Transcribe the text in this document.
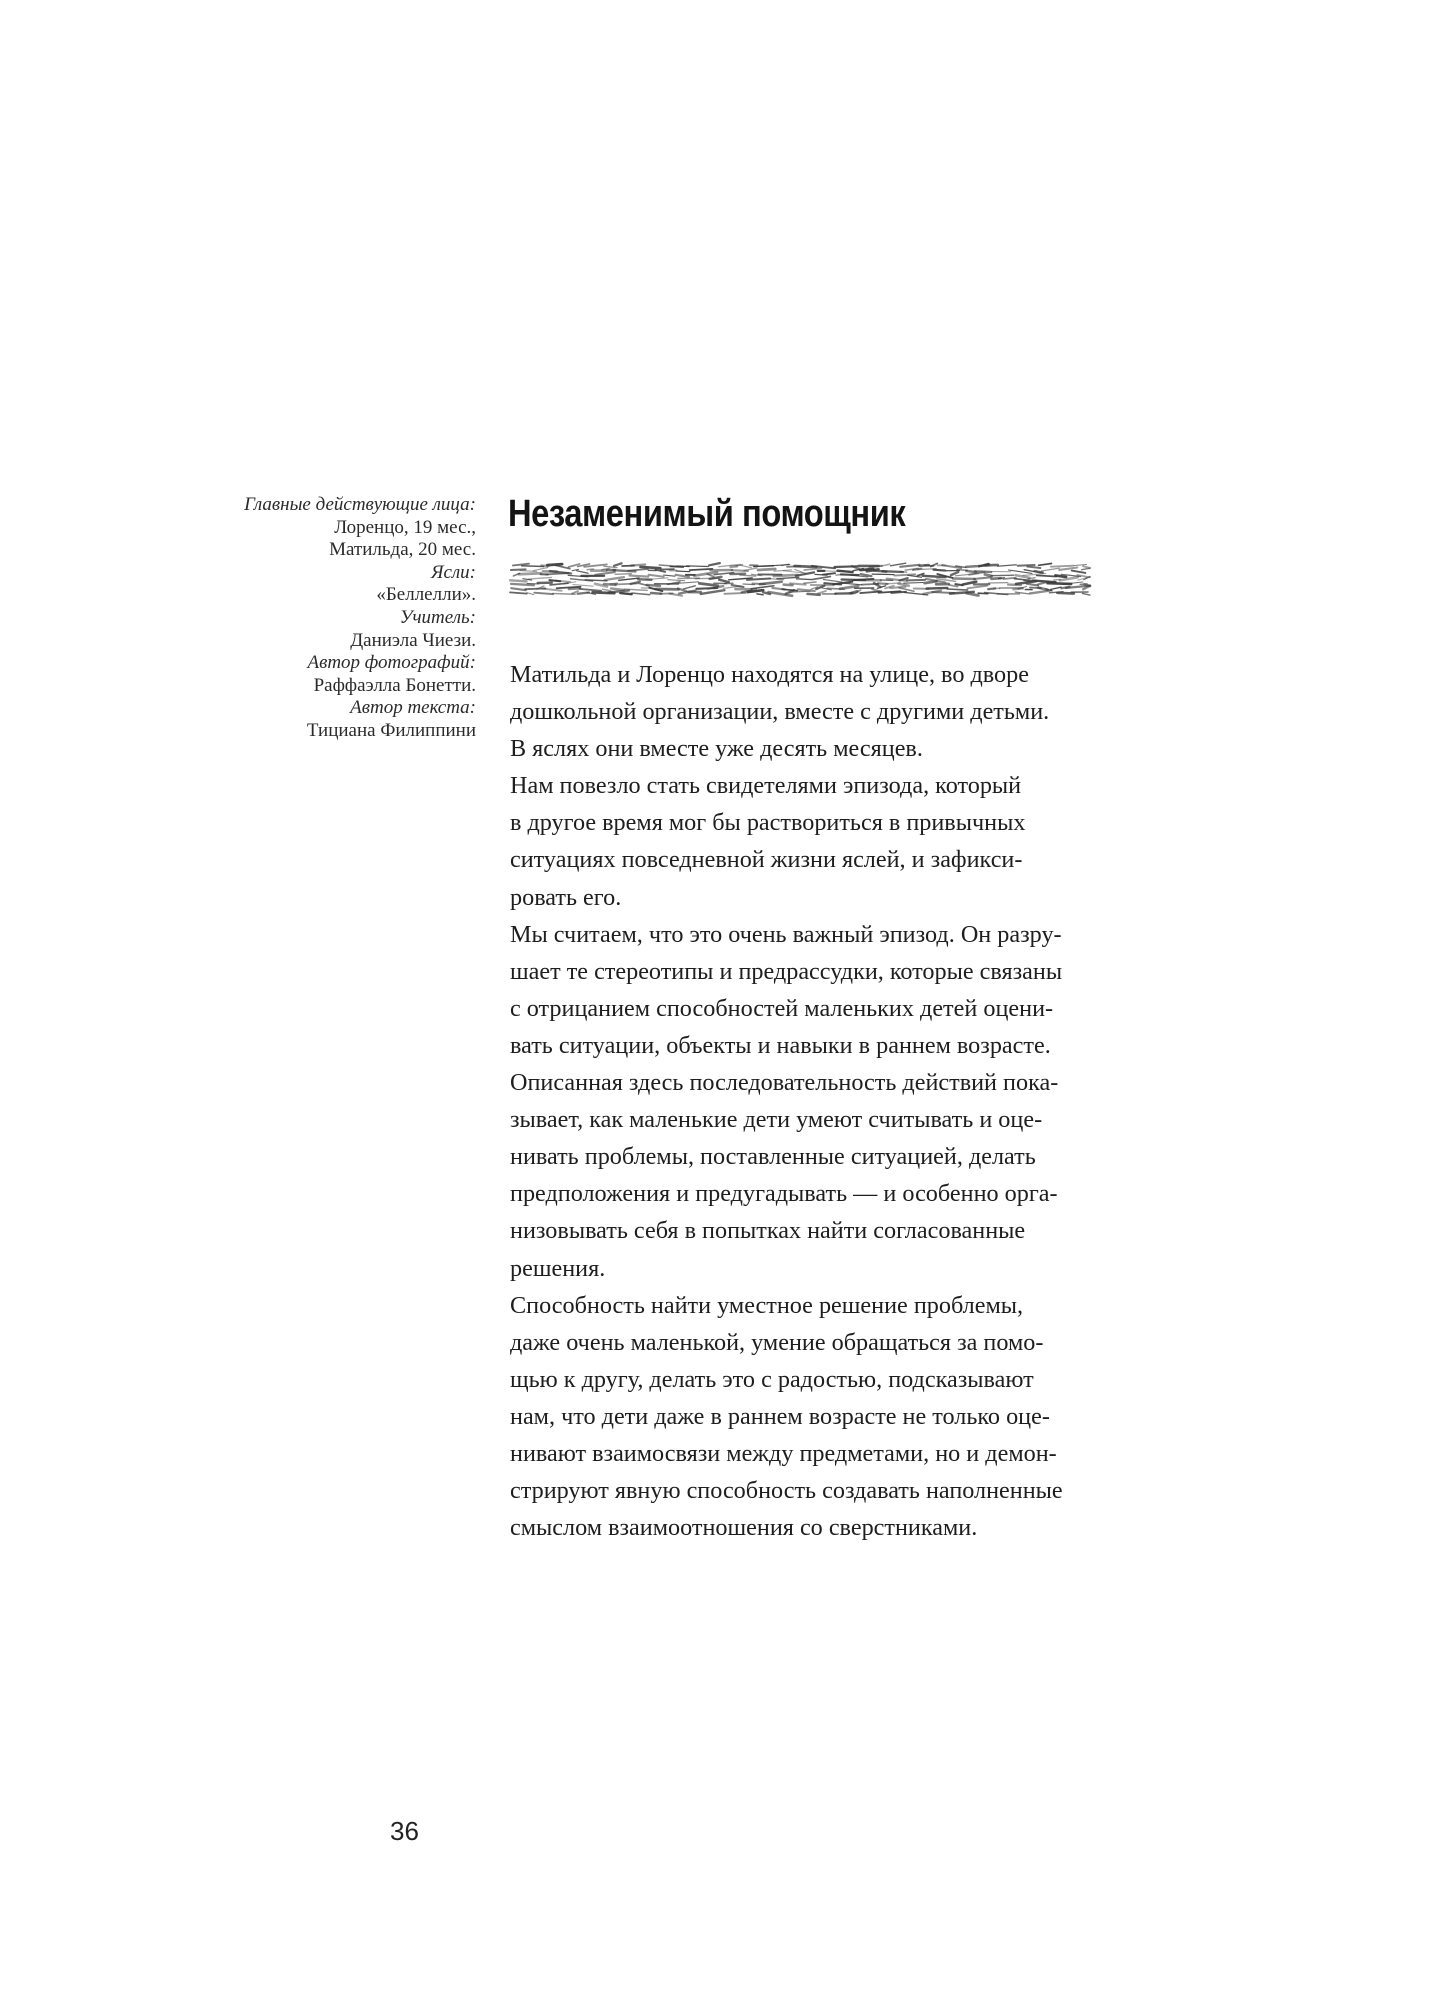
Главные действующие лица:
Лоренцо, 19 мес.,
Матильда, 20 мес.
Ясли:
«Беллелли».
Учитель:
Даниэла Чиези.
Автор фотографий:
Раффаэлла Бонетти.
Автор текста:
Тициана Филиппини
Незаменимый помощник
Матильда и Лоренцо находятся на улице, во дворе
дошкольной организации, вместе с другими детьми.
В яслях они вместе уже десять месяцев.
Нам повезло стать свидетелями эпизода, который
в другое время мог бы раствориться в привычных
ситуациях повседневной жизни яслей, и зафикси-
ровать его.
Мы считаем, что это очень важный эпизод. Он разру-
шает те стереотипы и предрассудки, которые связаны
с отрицанием способностей маленьких детей оцени-
вать ситуации, объекты и навыки в раннем возрасте.
Описанная здесь последовательность действий пока-
зывает, как маленькие дети умеют считывать и оце-
нивать проблемы, поставленные ситуацией, делать
предположения и предугадывать — и особенно орга-
низовывать себя в попытках найти согласованные
решения.
Способность найти уместное решение проблемы,
даже очень маленькой, умение обращаться за помо-
щью к другу, делать это с радостью, подсказывают
нам, что дети даже в раннем возрасте не только оце-
нивают взаимосвязи между предметами, но и демон-
стрируют явную способность создавать наполненные
смыслом взаимоотношения со сверстниками.
36
